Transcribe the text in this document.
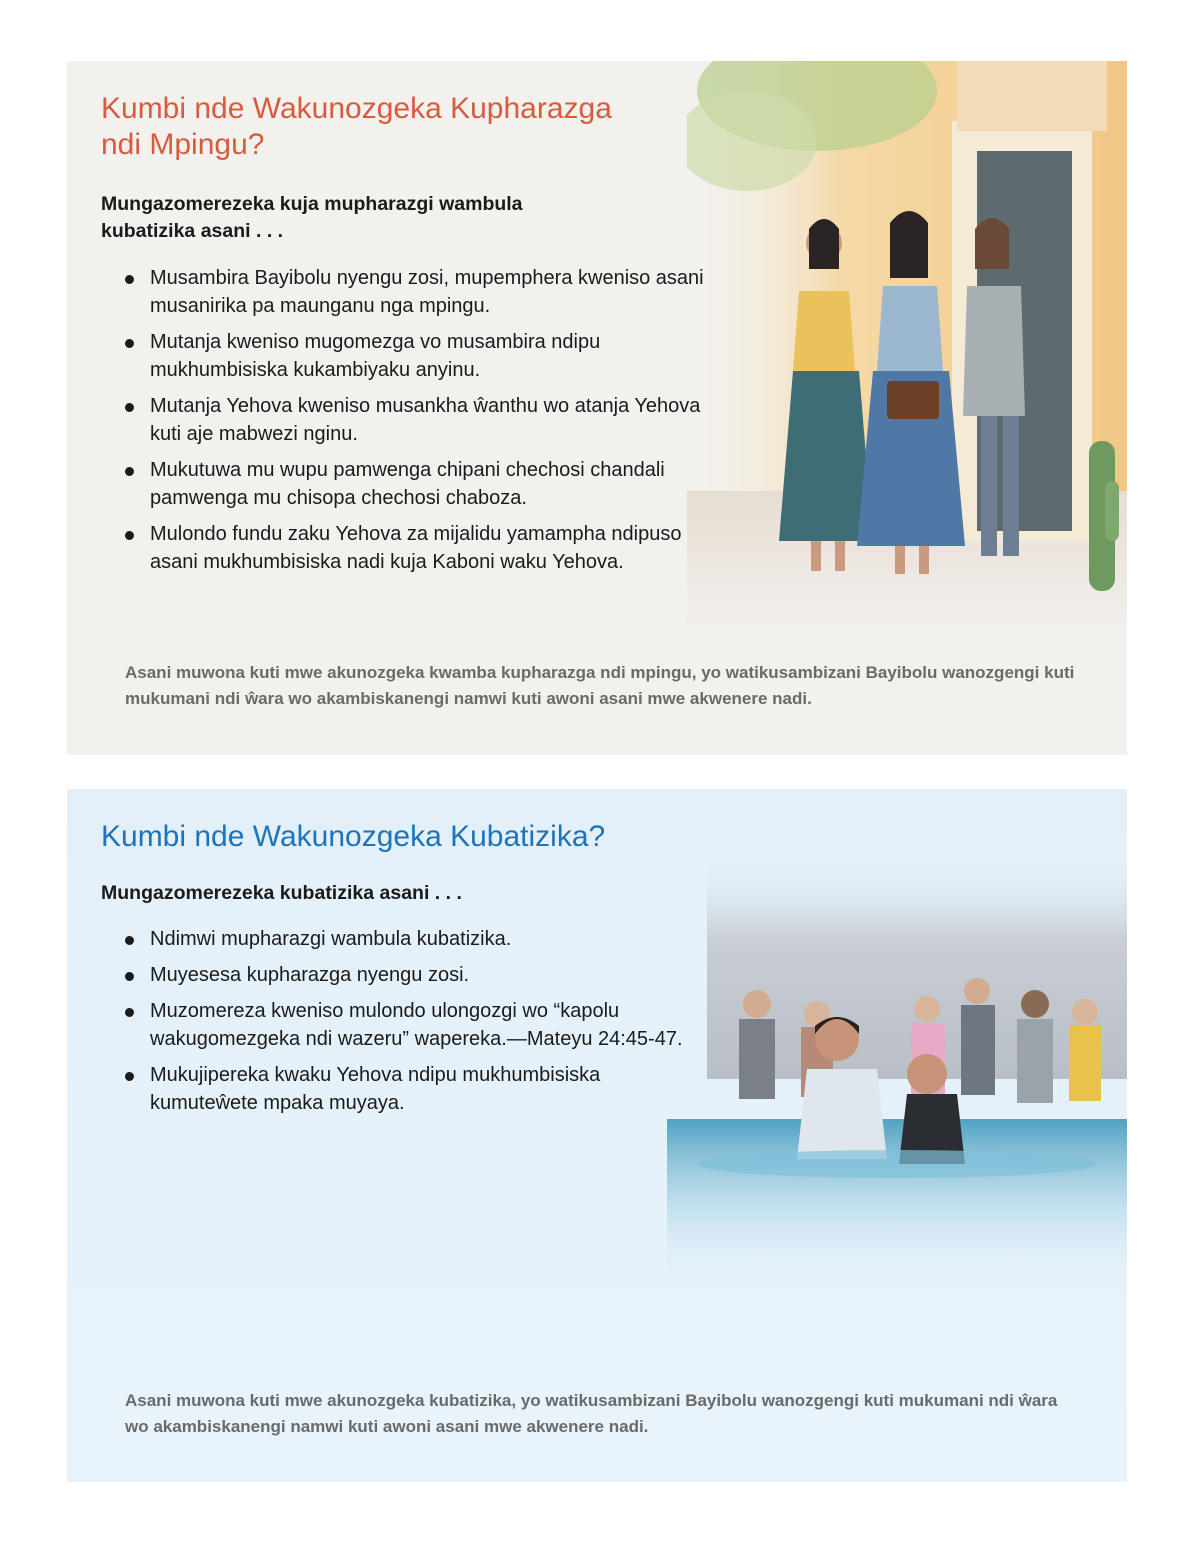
Kumbi nde Wakunozgeka Kupharazga ndi Mpingu?

Mungazomerezeka kuja mupharazgi wambula kubatizika asani . . .

Musambira Bayibolu nyengu zosi, mupemphera kweniso asani musanirika pa maunganu nga mpingu.
Mutanja kweniso mugomezga vo musambira ndipu mukhumbisiska kukambiyaku anyinu.
Mutanja Yehova kweniso musankha ŵanthu wo atanja Yehova kuti aje mabwezi nginu.
Mukutuwa mu wupu pamwenga chipani chechosi chandali pamwenga mu chisopa chechosi chaboza.
Mulondo fundu zaku Yehova za mijalidu yamampha ndipuso asani mukhumbisiska nadi kuja Kaboni waku Yehova.

Asani muwona kuti mwe akunozgeka kwamba kupharazga ndi mpingu, yo watikusambizani Bayibolu wanozgengi kuti mukumani ndi ŵara wo akambiskanengi namwi kuti awoni asani mwe akwenere nadi.

Kumbi nde Wakunozgeka Kubatizika?

Mungazomerezeka kubatizika asani . . .

Ndimwi mupharazgi wambula kubatizika.
Muyesesa kupharazga nyengu zosi.
Muzomereza kweniso mulondo ulongozgi wo “kapolu wakugomezgeka ndi wazeru” wapereka.—Mateyu 24:45-47.
Mukujipereka kwaku Yehova ndipu mukhumbisiska kumuteŵete mpaka muyaya.

Asani muwona kuti mwe akunozgeka kubatizika, yo watikusambizani Bayibolu wanozgengi kuti mukumani ndi ŵara wo akambiskanengi namwi kuti awoni asani mwe akwenere nadi.
